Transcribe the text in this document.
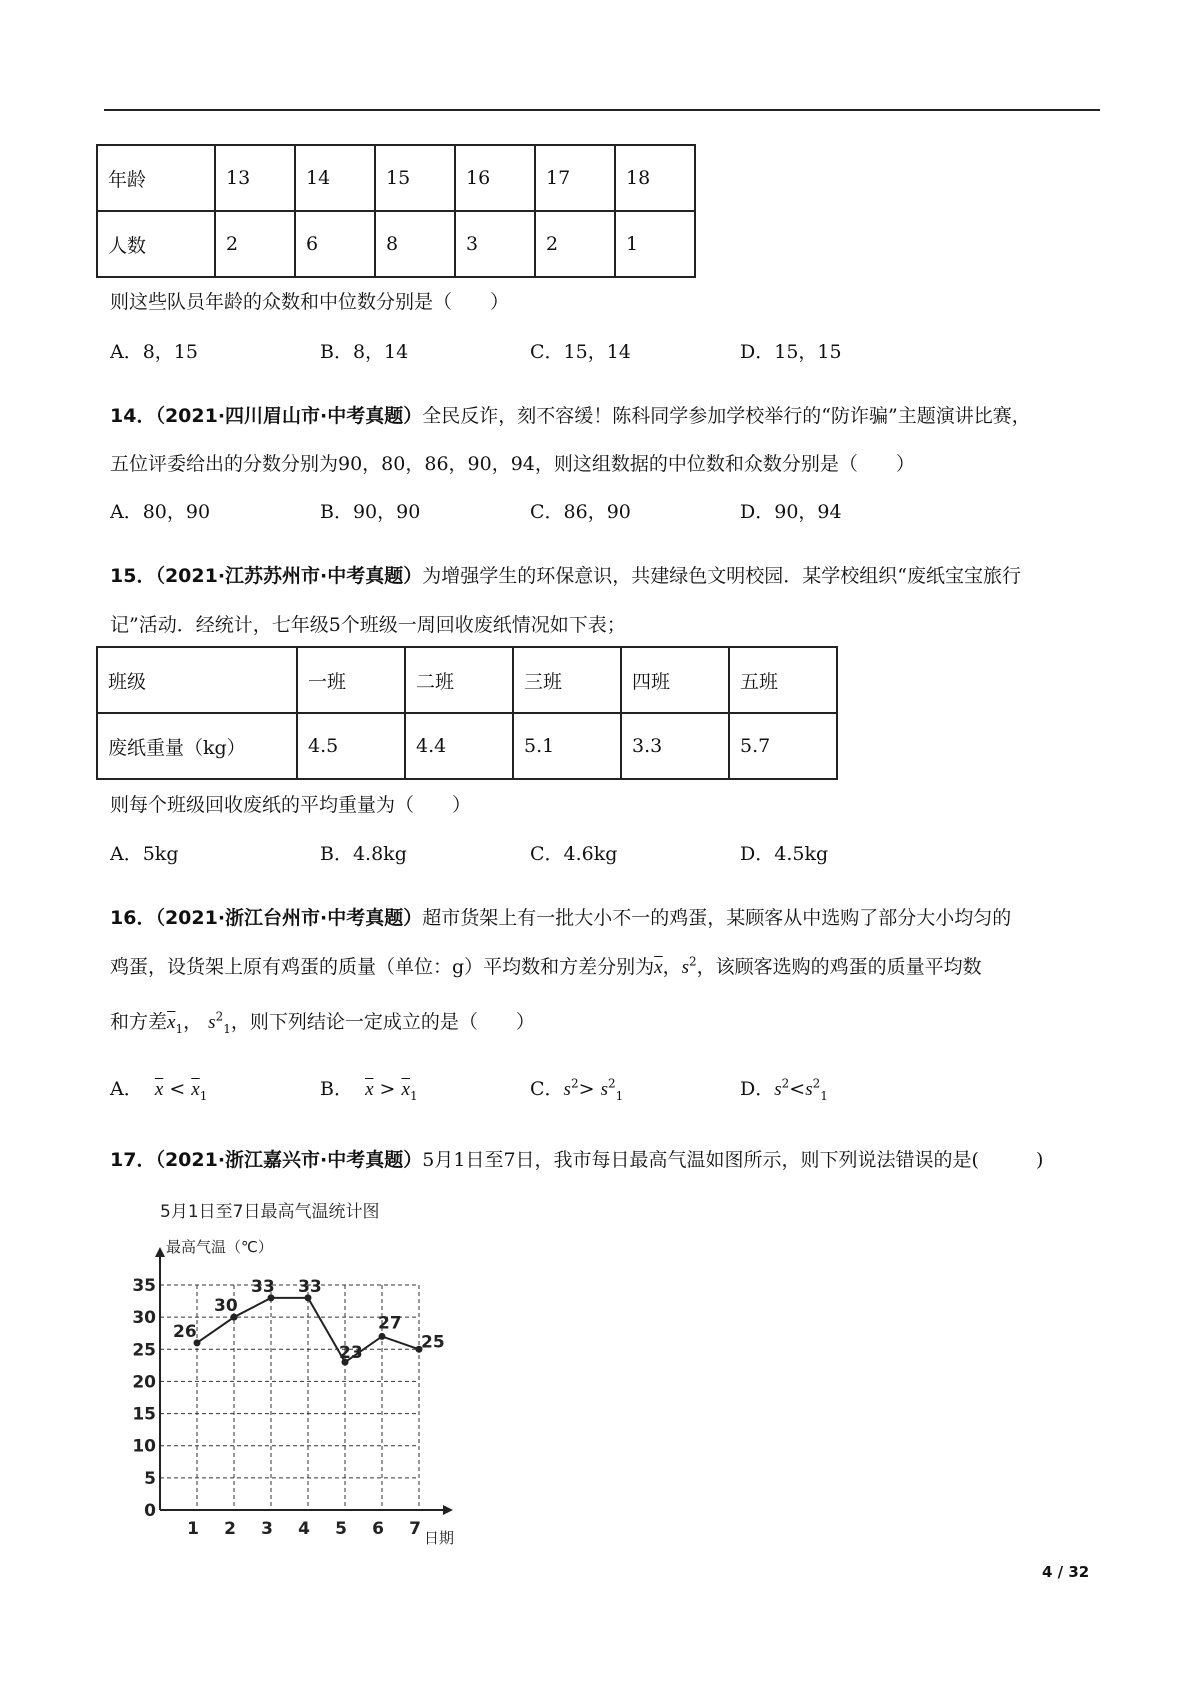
年龄	13	14	15	16	17	18
人数	2	6	8	3	2	1
则这些队员年龄的众数和中位数分别是（　　）
A．8，15	B．8，14	C．15，14	D．15，15
14．（2021·四川眉山市·中考真题）全民反诈，刻不容缓！陈科同学参加学校举行的“防诈骗”主题演讲比赛，
五位评委给出的分数分别为90，80，86，90，94，则这组数据的中位数和众数分别是（　　）
A．80，90	B．90，90	C．86，90	D．90，94
15．（2021·江苏苏州市·中考真题）为增强学生的环保意识，共建绿色文明校园．某学校组织“废纸宝宝旅行
记”活动．经统计，七年级5个班级一周回收废纸情况如下表；
班级	一班	二班	三班	四班	五班
废纸重量（kg）	4.5	4.4	5.1	3.3	5.7
则每个班级回收废纸的平均重量为（　　）
A．5kg	B．4.8kg	C．4.6kg	D．4.5kg
16．（2021·浙江台州市·中考真题）超市货架上有一批大小不一的鸡蛋，某顾客从中选购了部分大小均匀的
鸡蛋，设货架上原有鸡蛋的质量（单位：g）平均数和方差分别为$\overline{x}$，$s^2$，该顾客选购的鸡蛋的质量平均数
和方差$\overline{x}_1$， $s^2_1$，则下列结论一定成立的是（　　）
A． $\overline{x} < \overline{x}_1$	B． $\overline{x} > \overline{x}_1$	C．$s^2> s^2_1$	D．$s^2<s^2_1$
17．（2021·浙江嘉兴市·中考真题）5月1日至7日，我市每日最高气温如图所示，则下列说法错误的是(　　　)
5月1日至7日最高气温统计图
最高气温（℃）
日期
0
5
10
15
20
25
30
35
1 2 3 4 5 6 7
26
30
33 33
23
27
25
4 / 32
